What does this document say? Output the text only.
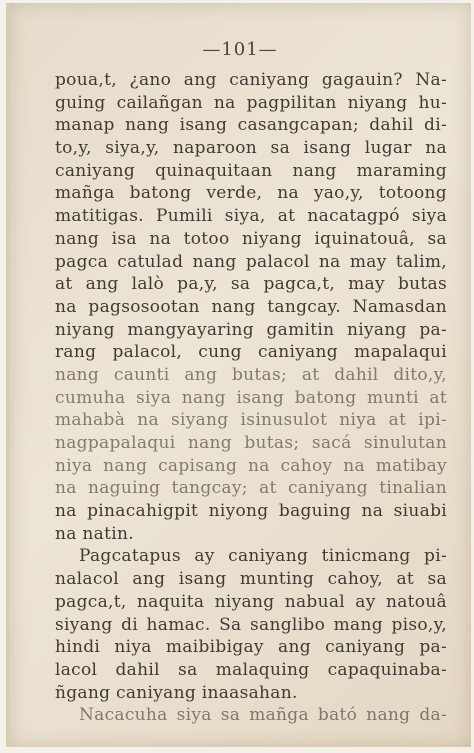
—101—
poua,t, ¿ano ang caniyang gagauin? Na-
guing cailañgan na pagpilitan niyang hu-
manap nang isang casangcapan; dahil di-
to,y, siya,y, naparoon sa isang lugar na
caniyang quinaquitaan nang maraming
mañga batong verde, na yao,y, totoong
matitigas. Pumili siya, at nacatagpó siya
nang isa na totoo niyang iquinatouâ, sa
pagca catulad nang palacol na may talim,
at ang lalò pa,y, sa pagca,t, may butas
na pagsosootan nang tangcay. Namasdan
niyang mangyayaring gamitin niyang pa-
rang palacol, cung caniyang mapalaqui
nang caunti ang butas; at dahil dito,y,
cumuha siya nang isang batong munti at
mahabà na siyang isinusulot niya at ipi-
nagpapalaqui nang butas; sacá sinulutan
niya nang capisang na cahoy na matibay
na naguing tangcay; at caniyang tinalian
na pinacahigpit niyong baguing na siuabi
na natin.
Pagcatapus ay caniyang tinicmang pi-
nalacol ang isang munting cahoy, at sa
pagca,t, naquita niyang nabual ay natouâ
siyang di hamac. Sa sanglibo mang piso,y,
hindi niya maibibigay ang caniyang pa-
lacol dahil sa malaquing capaquinaba-
ñgang caniyang inaasahan.
Nacacuha siya sa mañga bató nang da-
